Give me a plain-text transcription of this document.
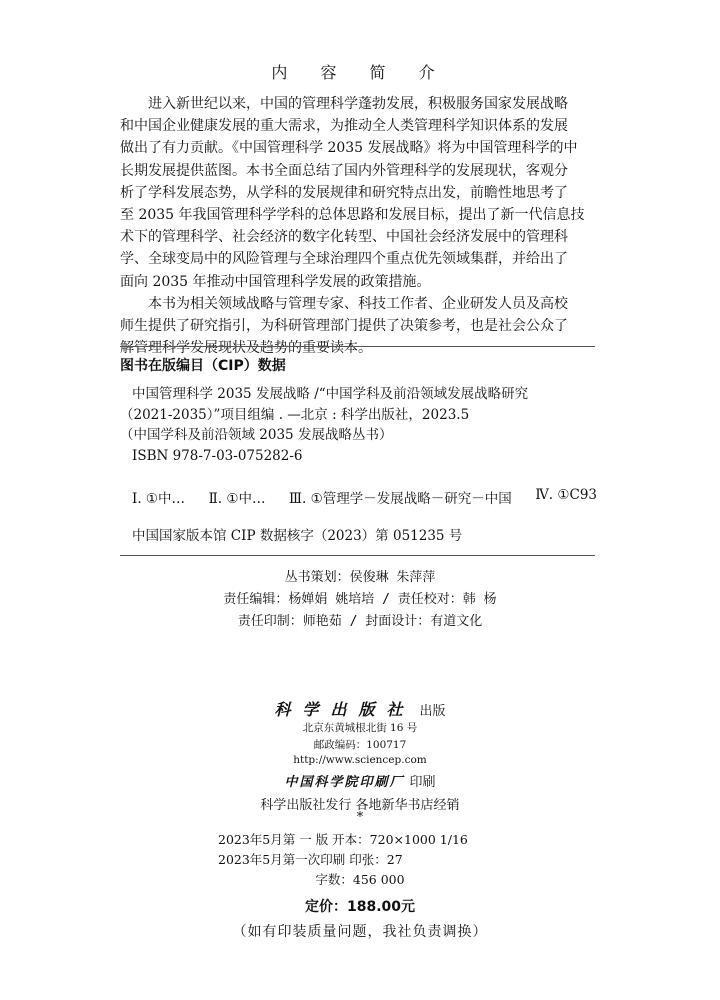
内 容 简 介

进入新世纪以来，中国的管理科学蓬勃发展，积极服务国家发展战略
和中国企业健康发展的重大需求，为推动全人类管理科学知识体系的发展
做出了有力贡献。《中国管理科学 2035 发展战略》将为中国管理科学的中
长期发展提供蓝图。本书全面总结了国内外管理科学的发展现状，客观分
析了学科发展态势，从学科的发展规律和研究特点出发，前瞻性地思考了
至 2035 年我国管理科学学科的总体思路和发展目标，提出了新一代信息技
术下的管理科学、社会经济的数字化转型、中国社会经济发展中的管理科
学、全球变局中的风险管理与全球治理四个重点优先领域集群，并给出了
面向 2035 年推动中国管理科学发展的政策措施。

本书为相关领域战略与管理专家、科技工作者、企业研发人员及高校
师生提供了研究指引，为科研管理部门提供了决策参考，也是社会公众了
解管理科学发展现状及趋势的重要读本。

图书在版编目（CIP）数据
中国管理科学 2035 发展战略 /“中国学科及前沿领域发展战略研究
（2021-2035）”项目组编 . —北京 : 科学出版社，2023.5
（中国学科及前沿领域 2035 发展战略丛书）
ISBN 978-7-03-075282-6
Ⅰ. ①中… Ⅱ. ①中… Ⅲ. ①管理学－发展战略－研究－中国 Ⅳ. ①C93
中国国家版本馆 CIP 数据核字（2023）第 051235 号
丛书策划：侯俊琳 朱萍萍
责任编辑：杨婵娟 姚培培 / 责任校对：韩 杨
责任印制：师艳茹 / 封面设计：有道文化
科学出版社 出版
北京东黄城根北街 16 号
邮政编码：100717
http://www.sciencep.com
中国科学院印刷厂 印刷
科学出版社发行 各地新华书店经销
*
2023年5月第 一 版 开本：720×1000 1/16
2023年5月第一次印刷 印张：27
字数：456 000
定价：188.00元
（如有印装质量问题，我社负责调换）
